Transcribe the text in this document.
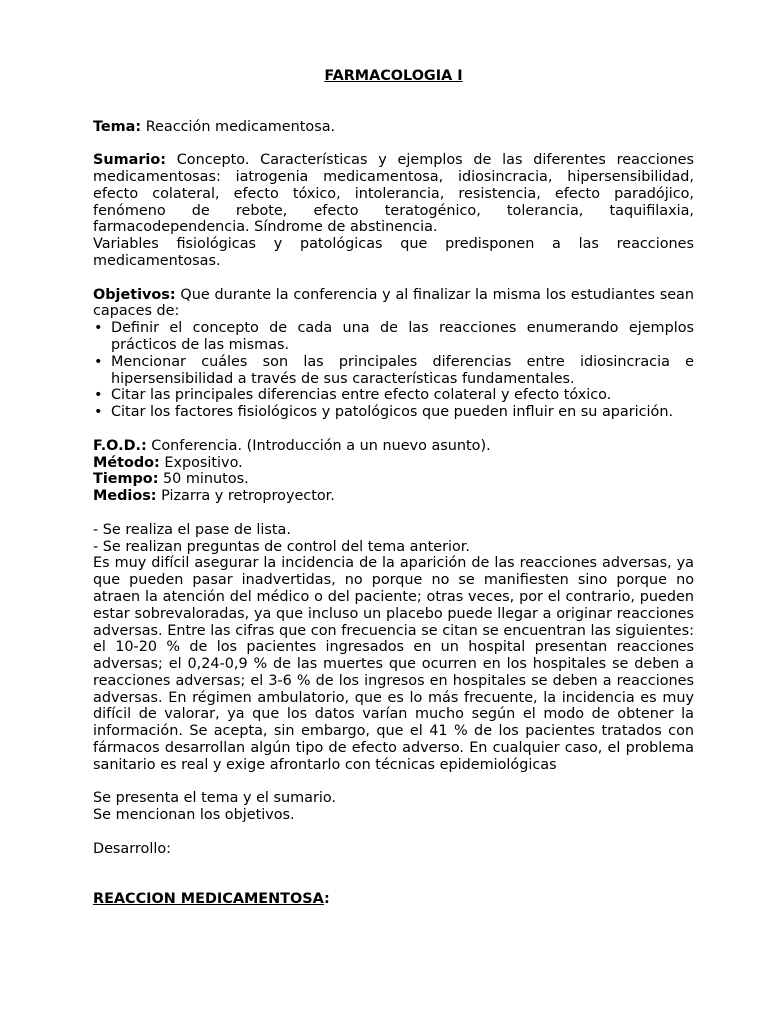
FARMACOLOGIA I

Tema: Reacción medicamentosa.

Sumario: Concepto. Características y ejemplos de las diferentes reacciones medicamentosas: iatrogenia medicamentosa, idiosincracia, hipersensibilidad, efecto colateral, efecto tóxico, intolerancia, resistencia, efecto paradójico, fenómeno de rebote, efecto teratogénico, tolerancia, taquifilaxia, farmacodependencia. Síndrome de abstinencia.

Variables fisiológicas y patológicas que predisponen a las reacciones medicamentosas.

Objetivos: Que durante la conferencia y al finalizar la misma los estudiantes sean capaces de:

• Definir el concepto de cada una de las reacciones enumerando ejemplos prácticos de las mismas.
• Mencionar cuáles son las principales diferencias entre idiosincracia e hipersensibilidad a través de sus características fundamentales.
• Citar las principales diferencias entre efecto colateral y efecto tóxico.
• Citar los factores fisiológicos y patológicos que pueden influir en su aparición.

F.O.D.: Conferencia. (Introducción a un nuevo asunto).

Método: Expositivo.

Tiempo: 50 minutos.

Medios: Pizarra y retroproyector.

- Se realiza el pase de lista.

- Se realizan preguntas de control del tema anterior.

Es muy difícil asegurar la incidencia de la aparición de las reacciones adversas, ya que pueden pasar inadvertidas, no porque no se manifiesten sino porque no atraen la atención del médico o del paciente; otras veces, por el contrario, pueden estar sobrevaloradas, ya que incluso un placebo puede llegar a originar reacciones adversas. Entre las cifras que con frecuencia se citan se encuentran las siguientes: el 10-20 % de los pacientes ingresados en un hospital presentan reacciones adversas; el 0,24-0,9 % de las muertes que ocurren en los hospitales se deben a reacciones adversas; el 3-6 % de los ingresos en hospitales se deben a reacciones adversas. En régimen ambulatorio, que es lo más frecuente, la incidencia es muy difícil de valorar, ya que los datos varían mucho según el modo de obtener la información. Se acepta, sin embargo, que el 41 % de los pacientes tratados con fármacos desarrollan algún tipo de efecto adverso. En cualquier caso, el problema sanitario es real y exige afrontarlo con técnicas epidemiológicas

Se presenta el tema y el sumario.

Se mencionan los objetivos.

Desarrollo:

REACCION MEDICAMENTOSA:
